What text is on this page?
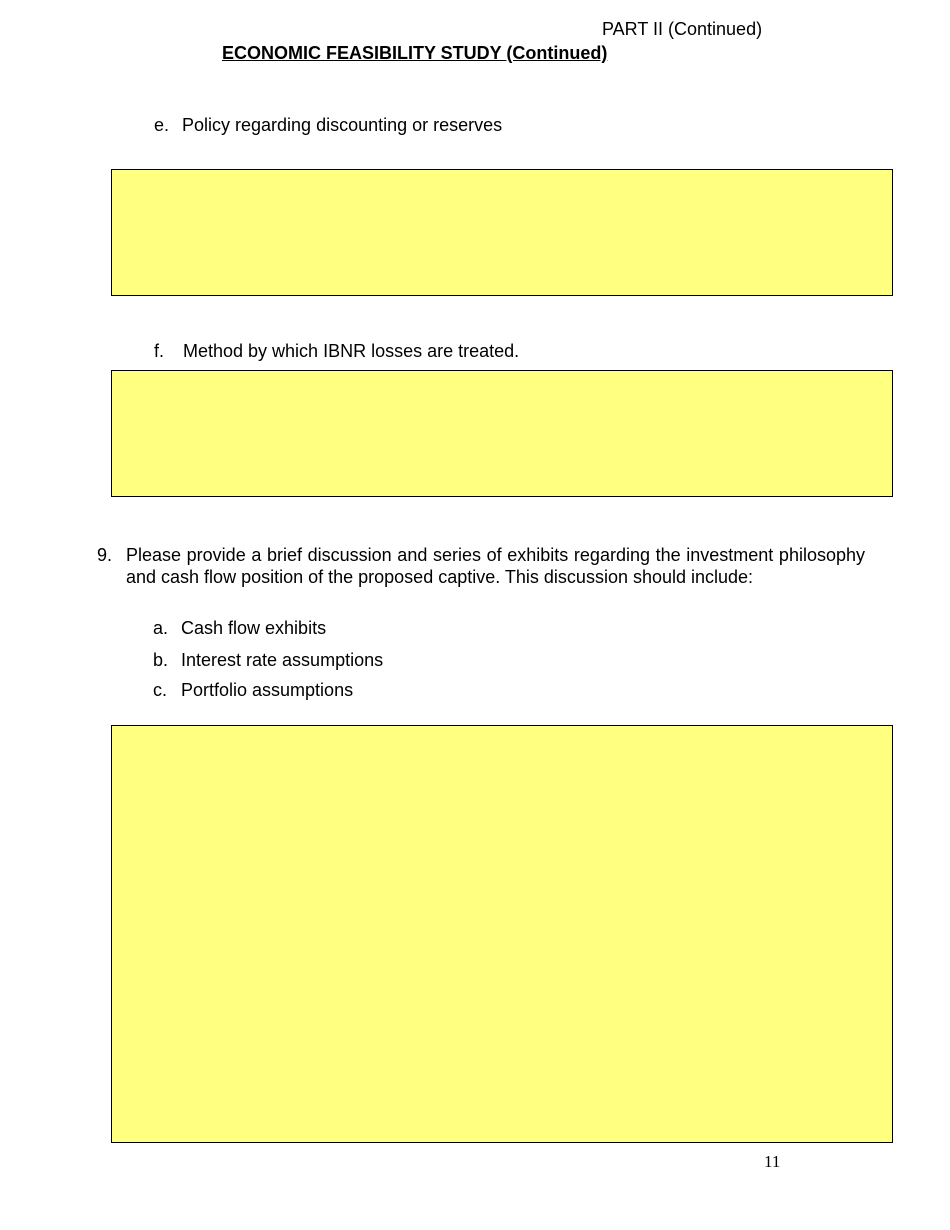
PART II (Continued)
ECONOMIC FEASIBILITY STUDY (Continued)
e. Policy regarding discounting or reserves
f. Method by which IBNR losses are treated.
9. Please provide a brief discussion and series of exhibits regarding the investment philosophy and cash flow position of the proposed captive. This discussion should include:
a. Cash flow exhibits
b. Interest rate assumptions
c. Portfolio assumptions
11
